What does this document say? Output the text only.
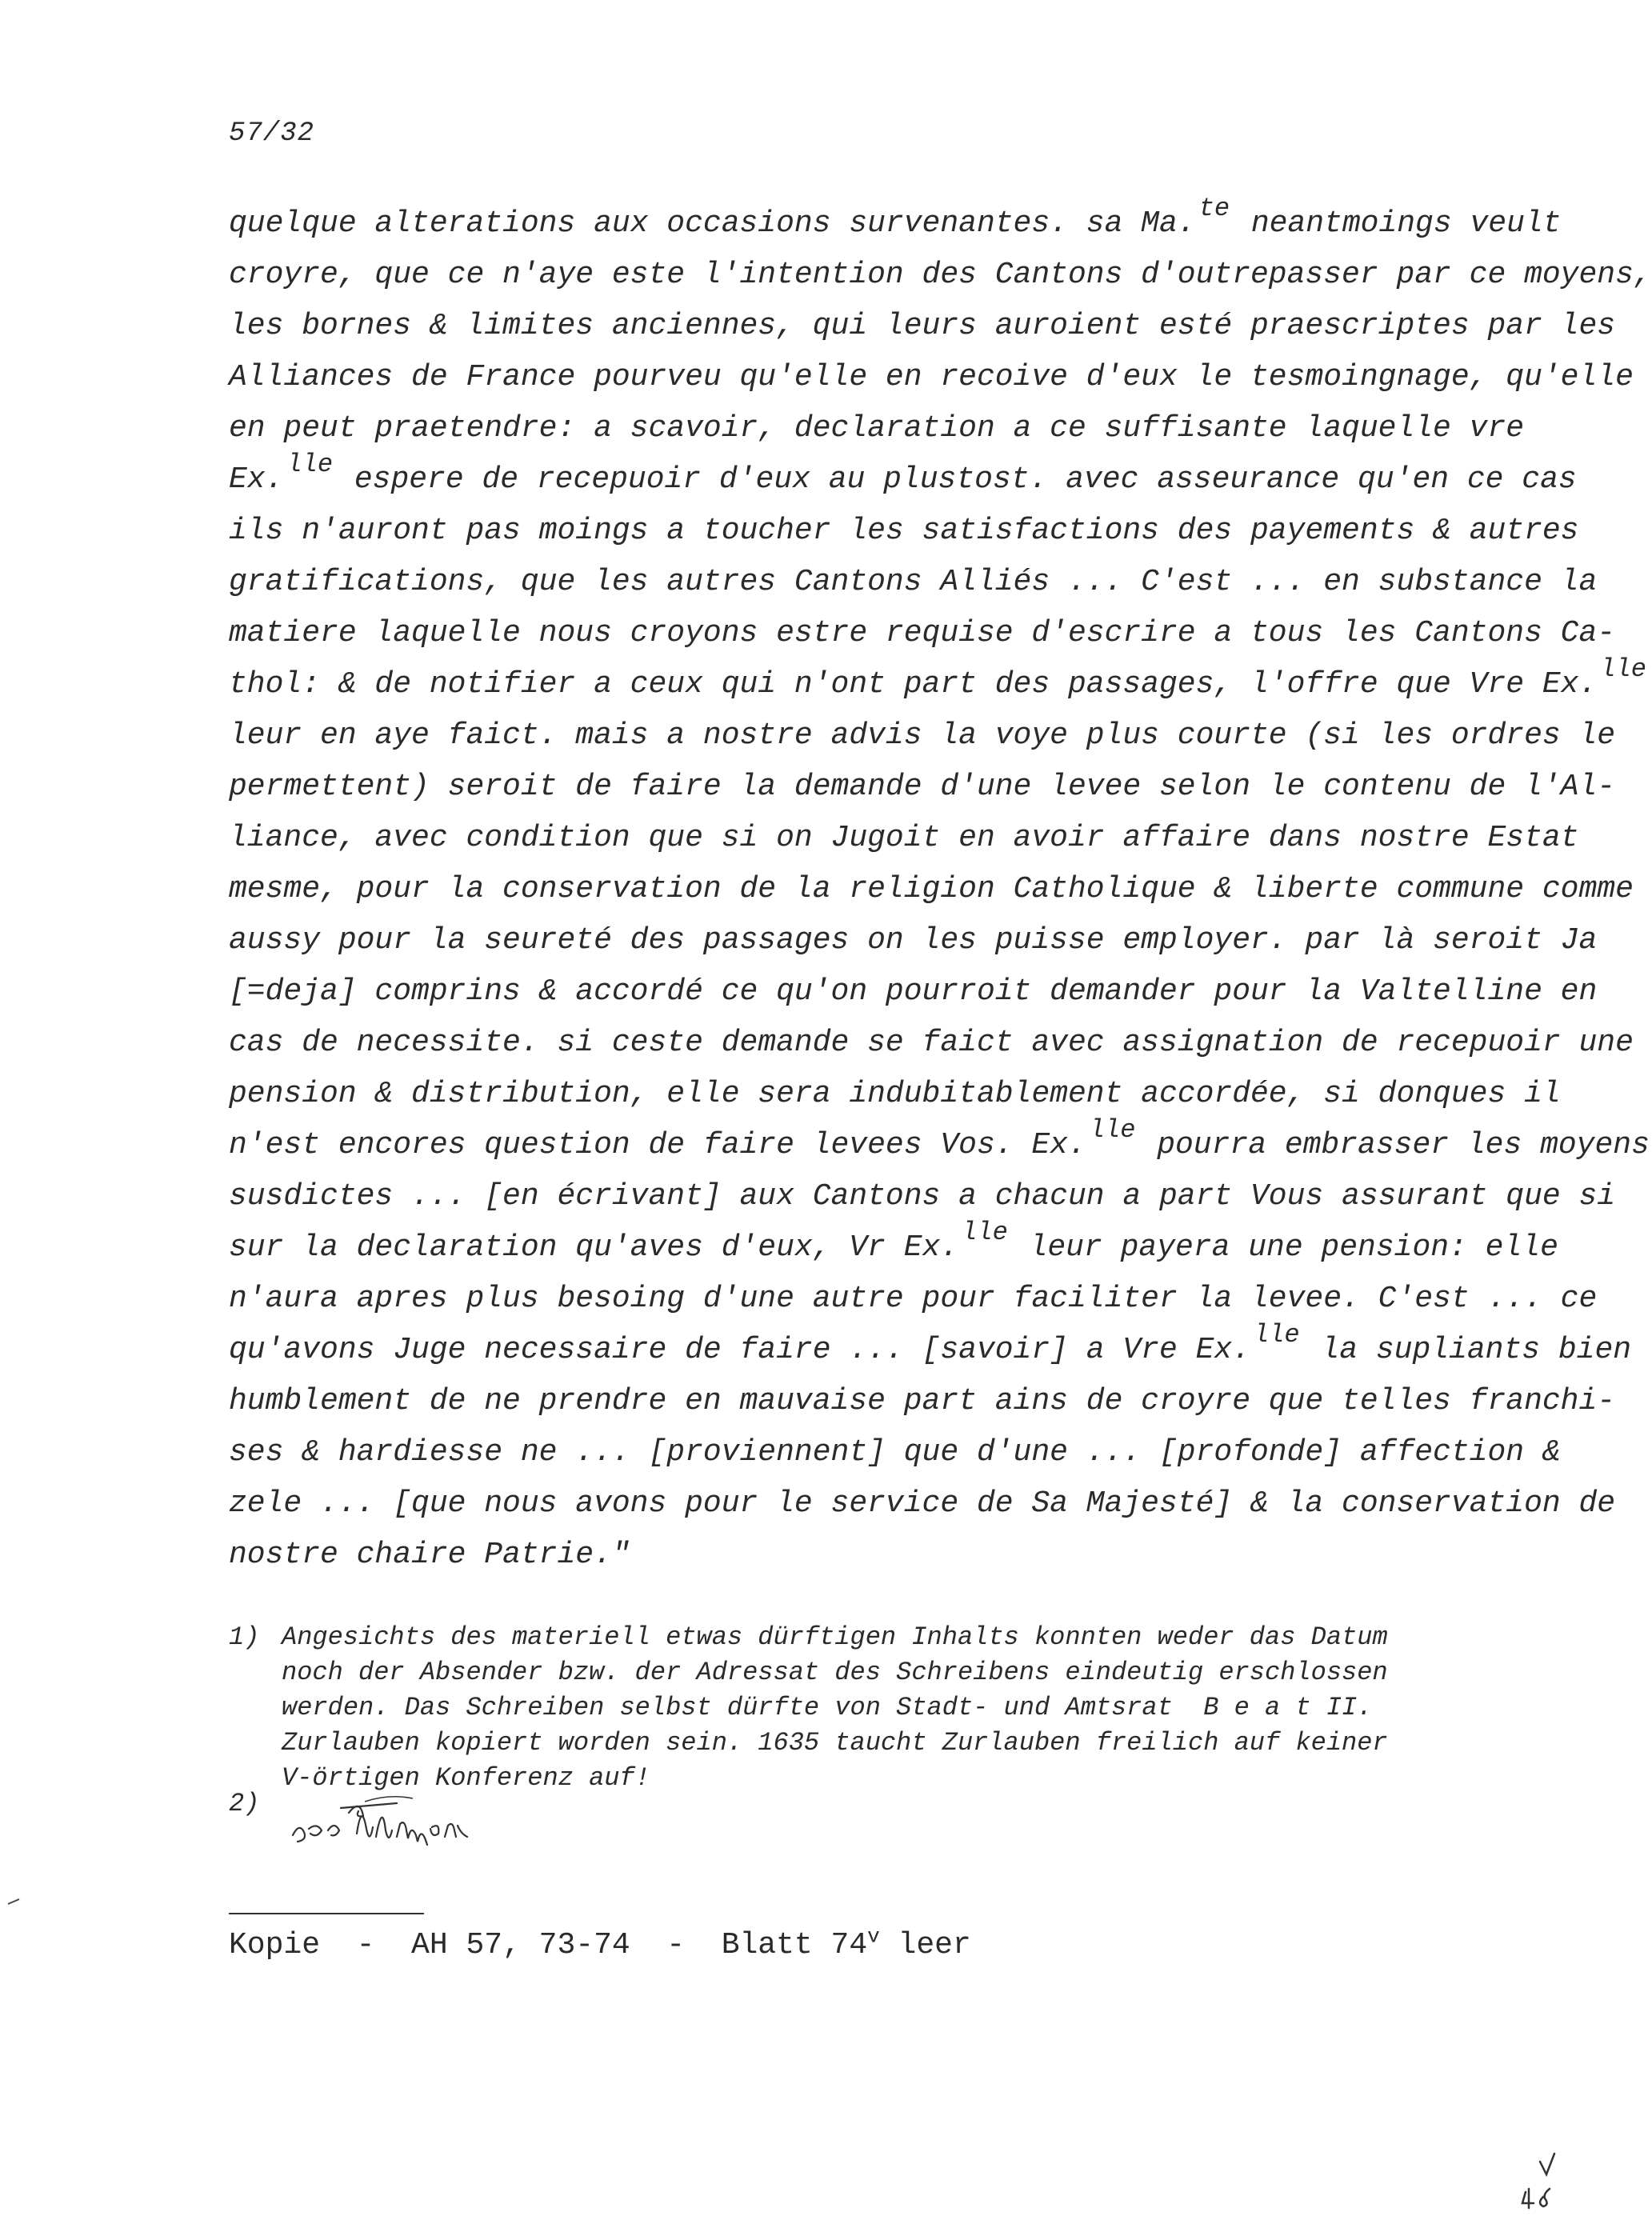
57/32
quelque alterations aux occasions survenantes. sa Ma. $^{te}$ neantmoings veult
croyre, que ce n'aye este l'intention des Cantons d'outrepasser par ce moyens,
les bornes & limites anciennes, qui leurs auroient esté praescriptes par les
Alliances de France pourveu qu'elle en recoive d'eux le tesmoingnage, qu'elle
en peut praetendre: a scavoir, declaration a ce suffisante laquelle vre
Ex. $^{lle}$ espere de recepuoir d'eux au plustost. avec asseurance qu'en ce cas
ils n'auront pas moings a toucher les satisfactions des payements & autres
gratifications, que les autres Cantons Alliés ... C'est ... en substance la
matiere laquelle nous croyons estre requise d'escrire a tous les Cantons Ca-
thol: & de notifier a ceux qui n'ont part des passages, l'offre que Vre Ex. $^{lle}$
leur en aye faict. mais a nostre advis la voye plus courte (si les ordres le
permettent) seroit de faire la demande d'une levee selon le contenu de l'Al-
liance, avec condition que si on Jugoit en avoir affaire dans nostre Estat
mesme, pour la conservation de la religion Catholique & liberte commune comme
aussy pour la seureté des passages on les puisse employer. par là seroit Ja
[=deja] comprins & accordé ce qu'on pourroit demander pour la Valtelline en
cas de necessite. si ceste demande se faict avec assignation de recepuoir une
pension & distribution, elle sera indubitablement accordée, si donques il
n'est encores question de faire levees Vos. Ex. $^{lle}$ pourra embrasser les moyens
susdictes ... [en écrivant] aux Cantons a chacun a part Vous assurant que si
sur la declaration qu'aves d'eux, Vr Ex. $^{lle}$ leur payera une pension: elle
n'aura apres plus besoing d'une autre pour faciliter la levee. C'est ... ce
qu'avons Juge necessaire de faire ... [savoir] a Vre Ex. $^{lle}$ la supliants bien
humblement de ne prendre en mauvaise part ains de croyre que telles franchi-
ses & hardiesse ne ... [proviennent] que d'une ... [profonde] affection &
zele ... [que nous avons pour le service de Sa Majesté] & la conservation de
nostre chaire Patrie."
1) Angesichts des materiell etwas dürftigen Inhalts konnten weder das Datum
noch der Absender bzw. der Adressat des Schreibens eindeutig erschlossen
werden. Das Schreiben selbst dürfte von Stadt- und Amtsrat  B e a t II.
Zurlauben kopiert worden sein. 1635 taucht Zurlauben freilich auf keiner
V-örtigen Konferenz auf!
2)
Kopie  -  AH 57, 73-74  -  Blatt 74$^v$ leer
